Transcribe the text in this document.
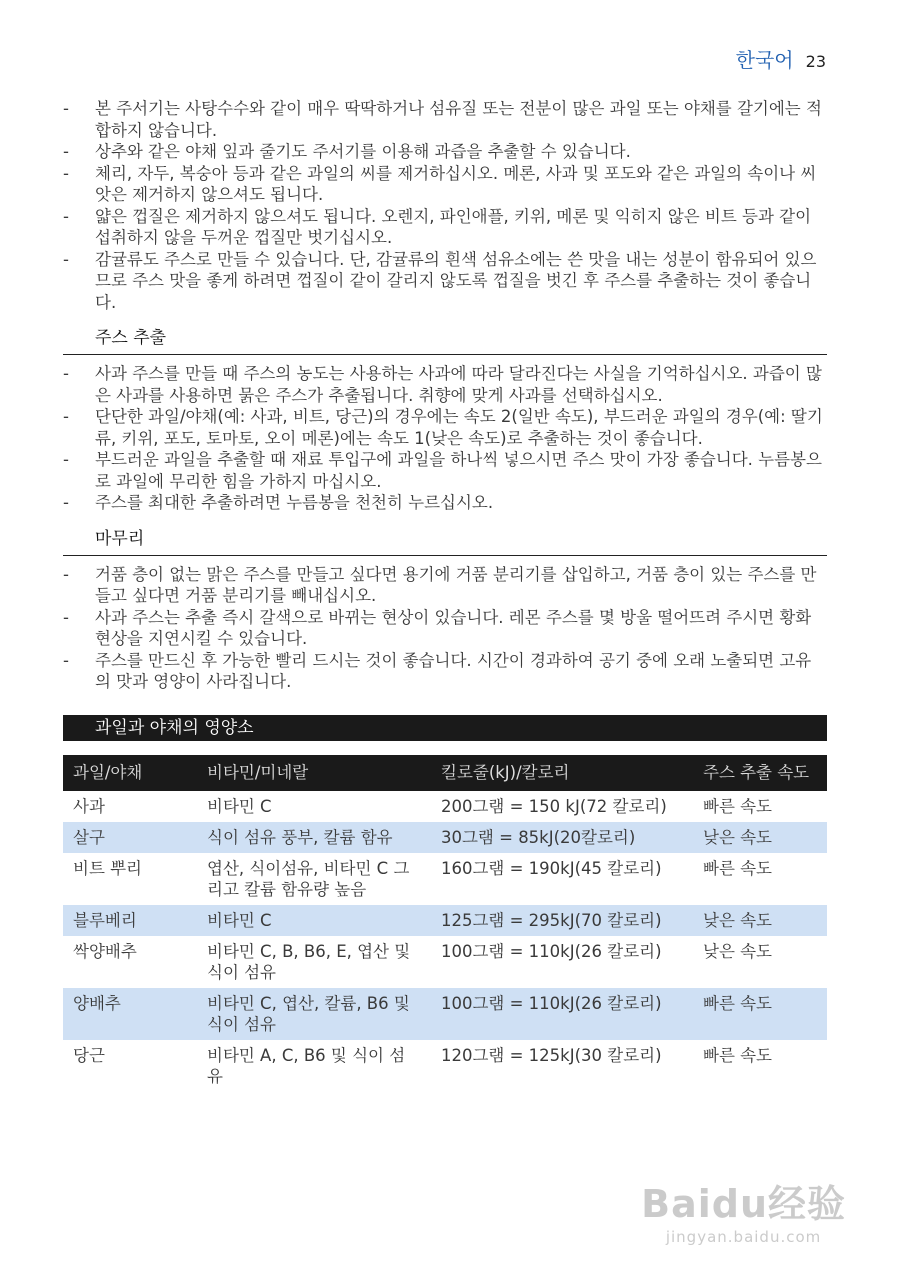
한국어 23
- 본 주서기는 사탕수수와 같이 매우 딱딱하거나 섬유질 또는 전분이 많은 과일 또는 야채를 갈기에는 적합하지 않습니다.
- 상추와 같은 야채 잎과 줄기도 주서기를 이용해 과즙을 추출할 수 있습니다.
- 체리, 자두, 복숭아 등과 같은 과일의 씨를 제거하십시오. 메론, 사과 및 포도와 같은 과일의 속이나 씨앗은 제거하지 않으셔도 됩니다.
- 얇은 껍질은 제거하지 않으셔도 됩니다. 오렌지, 파인애플, 키위, 메론 및 익히지 않은 비트 등과 같이 섭취하지 않을 두꺼운 껍질만 벗기십시오.
- 감귤류도 주스로 만들 수 있습니다. 단, 감귤류의 흰색 섬유소에는 쓴 맛을 내는 성분이 함유되어 있으므로 주스 맛을 좋게 하려면 껍질이 같이 갈리지 않도록 껍질을 벗긴 후 주스를 추출하는 것이 좋습니다.
주스 추출
- 사과 주스를 만들 때 주스의 농도는 사용하는 사과에 따라 달라진다는 사실을 기억하십시오. 과즙이 많은 사과를 사용하면 묽은 주스가 추출됩니다. 취향에 맞게 사과를 선택하십시오.
- 단단한 과일/야채(예: 사과, 비트, 당근)의 경우에는 속도 2(일반 속도), 부드러운 과일의 경우(예: 딸기류, 키위, 포도, 토마토, 오이 메론)에는 속도 1(낮은 속도)로 추출하는 것이 좋습니다.
- 부드러운 과일을 추출할 때 재료 투입구에 과일을 하나씩 넣으시면 주스 맛이 가장 좋습니다. 누름봉으로 과일에 무리한 힘을 가하지 마십시오.
- 주스를 최대한 추출하려면 누름봉을 천천히 누르십시오.
마무리
- 거품 층이 없는 맑은 주스를 만들고 싶다면 용기에 거품 분리기를 삽입하고, 거품 층이 있는 주스를 만들고 싶다면 거품 분리기를 빼내십시오.
- 사과 주스는 추출 즉시 갈색으로 바뀌는 현상이 있습니다. 레몬 주스를 몇 방울 떨어뜨려 주시면 황화 현상을 지연시킬 수 있습니다.
- 주스를 만드신 후 가능한 빨리 드시는 것이 좋습니다. 시간이 경과하여 공기 중에 오래 노출되면 고유의 맛과 영양이 사라집니다.
과일과 야채의 영양소
과일/야채	비타민/미네랄	킬로줄(kJ)/칼로리	주스 추출 속도
사과	비타민 C	200그램 = 150 kJ(72 칼로리)	빠른 속도
살구	식이 섬유 풍부, 칼륨 함유	30그램 = 85kJ(20칼로리)	낮은 속도
비트 뿌리	엽산, 식이섬유, 비타민 C 그리고 칼륨 함유량 높음	160그램 = 190kJ(45 칼로리)	빠른 속도
블루베리	비타민 C	125그램 = 295kJ(70 칼로리)	낮은 속도
싹양배추	비타민 C, B, B6, E, 엽산 및 식이 섬유	100그램 = 110kJ(26 칼로리)	낮은 속도
양배추	비타민 C, 엽산, 칼륨, B6 및 식이 섬유	100그램 = 110kJ(26 칼로리)	빠른 속도
당근	비타민 A, C, B6 및 식이 섬유	120그램 = 125kJ(30 칼로리)	빠른 속도
Baidu经验
jingyan.baidu.com
